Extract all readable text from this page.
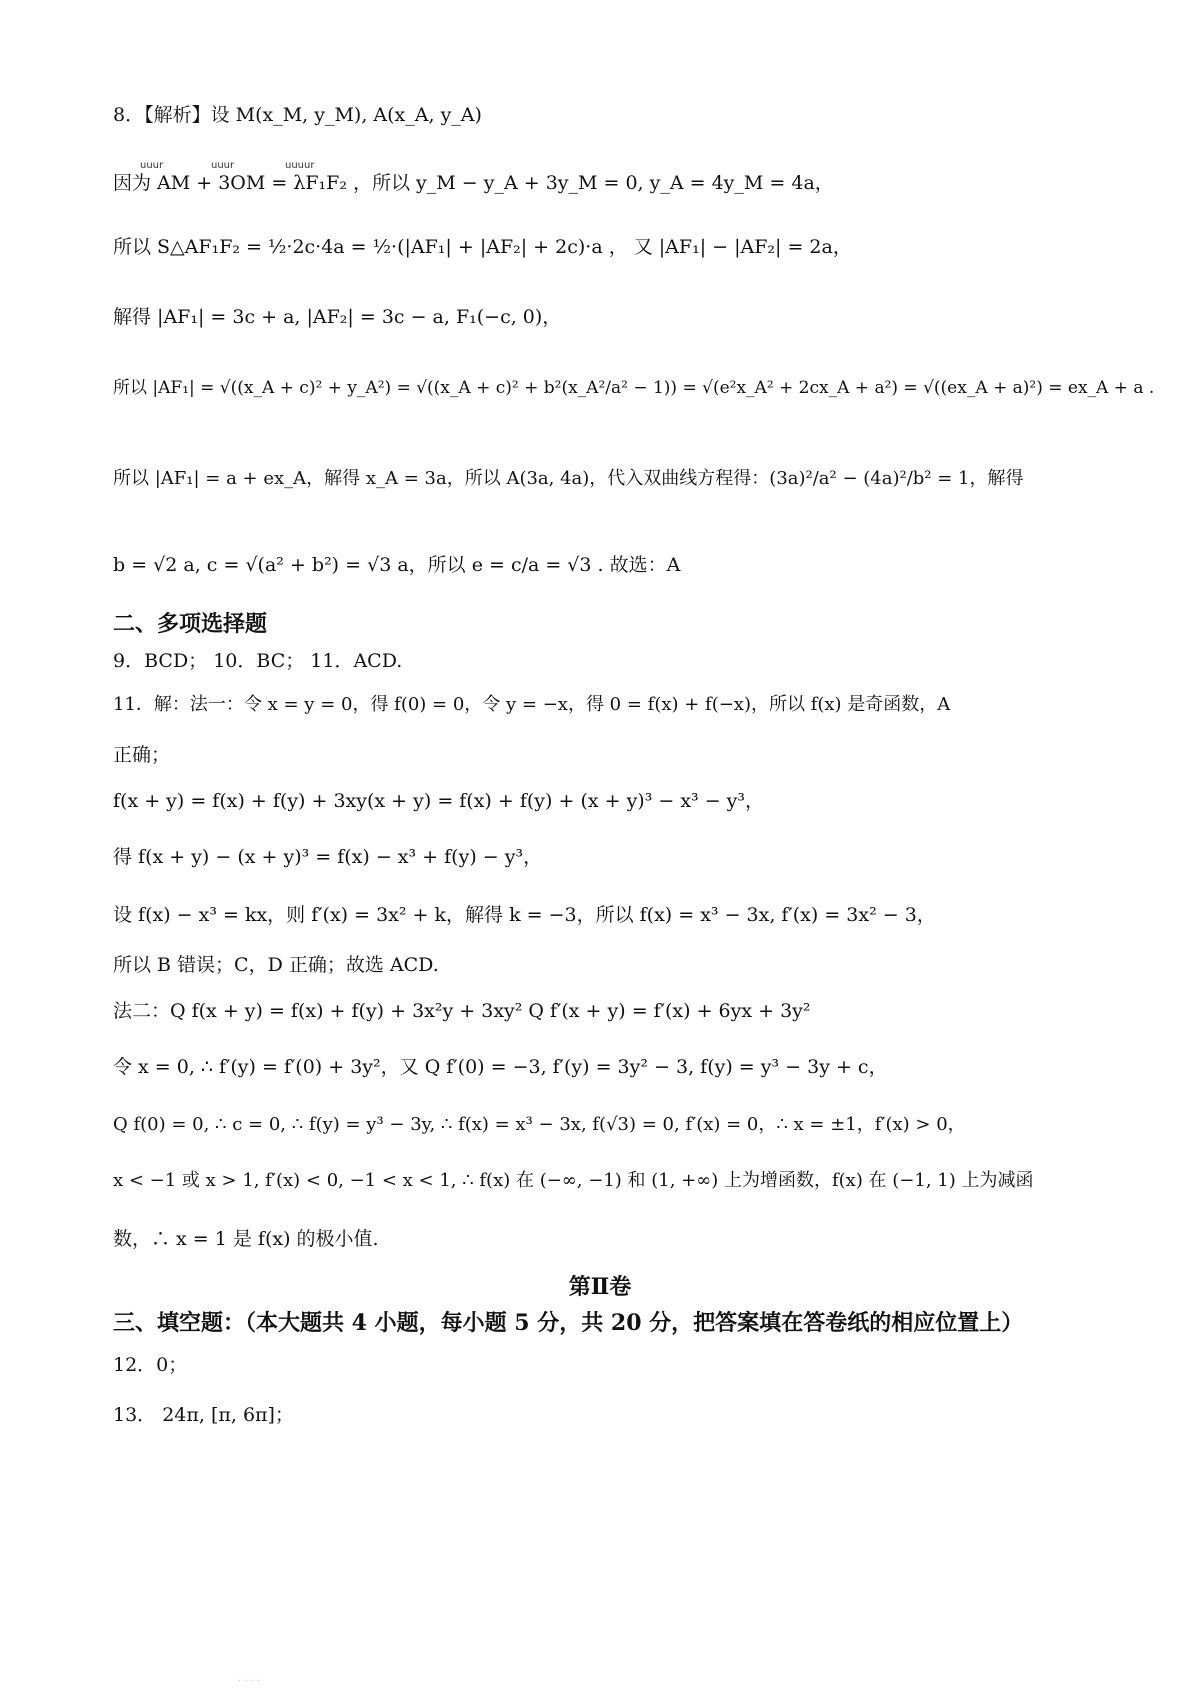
8．【解析】设 M(x_M, y_M), A(x_A, y_A)
uuur	uuur	uuuur
因为 AM + 3OM = λF₁F₂ ，所以 y_M − y_A + 3y_M = 0, y_A = 4y_M = 4a，
所以 S△AF₁F₂ = ½·2c·4a = ½·(|AF₁| + |AF₂| + 2c)·a ， 又 |AF₁| − |AF₂| = 2a，
解得 |AF₁| = 3c + a, |AF₂| = 3c − a, F₁(−c, 0)，
所以 |AF₁| = √((x_A + c)² + y_A²) = √((x_A + c)² + b²(x_A²/a² − 1)) = √(e²x_A² + 2cx_A + a²) = √((ex_A + a)²) = ex_A + a .
所以 |AF₁| = a + ex_A，解得 x_A = 3a，所以 A(3a, 4a)，代入双曲线方程得：(3a)²/a² − (4a)²/b² = 1，解得
b = √2 a, c = √(a² + b²) = √3 a，所以 e = c/a = √3 . 故选：A
二、多项选择题
9．BCD； 10．BC； 11．ACD.
11．解：法一：令 x = y = 0，得 f(0) = 0，令 y = −x，得 0 = f(x) + f(−x)，所以 f(x) 是奇函数，A
正确；
f(x + y) = f(x) + f(y) + 3xy(x + y) = f(x) + f(y) + (x + y)³ − x³ − y³，
得 f(x + y) − (x + y)³ = f(x) − x³ + f(y) − y³，
设 f(x) − x³ = kx，则 f′(x) = 3x² + k，解得 k = −3，所以 f(x) = x³ − 3x, f′(x) = 3x² − 3，
所以 B 错误；C，D 正确；故选 ACD.
法二：Q f(x + y) = f(x) + f(y) + 3x²y + 3xy² Q f′(x + y) = f′(x) + 6yx + 3y²
令 x = 0, ∴ f′(y) = f′(0) + 3y²，又 Q f′(0) = −3, f′(y) = 3y² − 3, f(y) = y³ − 3y + c，
Q f(0) = 0, ∴ c = 0, ∴ f(y) = y³ − 3y, ∴ f(x) = x³ − 3x, f(√3) = 0, f′(x) = 0，∴ x = ±1，f′(x) > 0，
x < −1 或 x > 1, f′(x) < 0, −1 < x < 1, ∴ f(x) 在 (−∞, −1) 和 (1, +∞) 上为增函数，f(x) 在 (−1, 1) 上为减函
数，∴ x = 1 是 f(x) 的极小值.
第Ⅱ卷
三、填空题：（本大题共 4 小题，每小题 5 分，共 20 分，把答案填在答卷纸的相应位置上）
12．0；
13． 24π, [π, 6π]；
· · · ·
